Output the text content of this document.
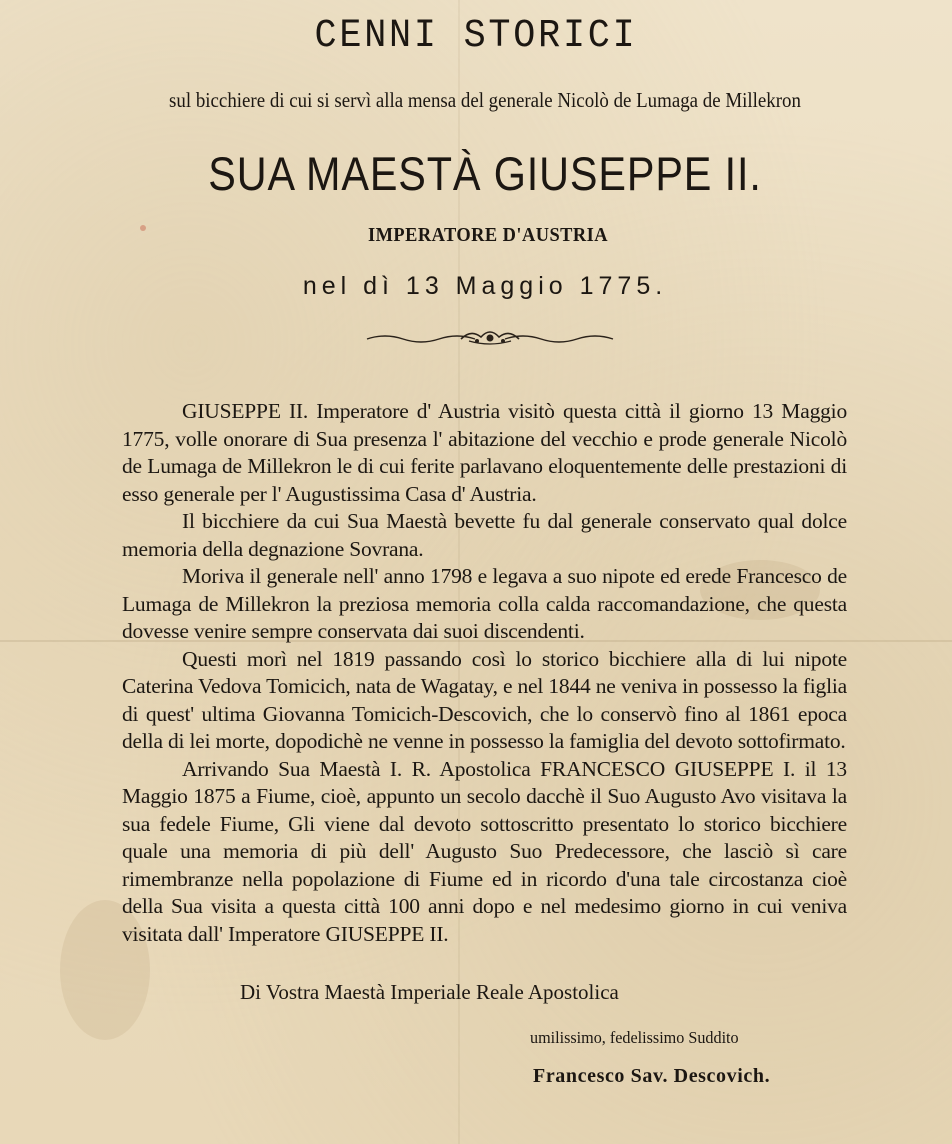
CENNI STORICI
sul bicchiere di cui si servì alla mensa del generale Nicolò de Lumaga de Millekron
SUA MAESTÀ GIUSEPPE II.
IMPERATORE D'AUSTRIA
nel dì 13 Maggio 1775.

GIUSEPPE II. Imperatore d' Austria visitò questa città il giorno 13 Maggio 1775, volle onorare di Sua presenza l' abitazione del vecchio e prode generale Nicolò de Lumaga de Millekron le di cui ferite parlavano eloquentemente delle prestazioni di esso generale per l' Augustissima Casa d' Austria.

Il bicchiere da cui Sua Maestà bevette fu dal generale conservato qual dolce memoria della degnazione Sovrana.

Moriva il generale nell' anno 1798 e legava a suo nipote ed erede Francesco de Lumaga de Millekron la preziosa memoria colla calda raccomandazione, che questa dovesse venire sempre conservata dai suoi discendenti.

Questi morì nel 1819 passando così lo storico bicchiere alla di lui nipote Caterina Vedova Tomicich, nata de Wagatay, e nel 1844 ne veniva in possesso la figlia di quest' ultima Giovanna Tomicich-Descovich, che lo conservò fino al 1861 epoca della di lei morte, dopodichè ne venne in possesso la famiglia del devoto sottofirmato.

Arrivando Sua Maestà I. R. Apostolica FRANCESCO GIUSEPPE I. il 13 Maggio 1875 a Fiume, cioè, appunto un secolo dacchè il Suo Augusto Avo visitava la sua fedele Fiume, Gli viene dal devoto sottoscritto presentato lo storico bicchiere quale una memoria di più dell' Augusto Suo Predecessore, che lasciò sì care rimembranze nella popolazione di Fiume ed in ricordo d'una tale circostanza cioè della Sua visita a questa città 100 anni dopo e nel medesimo giorno in cui veniva visitata dall' Imperatore GIUSEPPE II.

Di Vostra Maestà Imperiale Reale Apostolica
umilissimo, fedelissimo Suddito
Francesco Sav. Descovich.
